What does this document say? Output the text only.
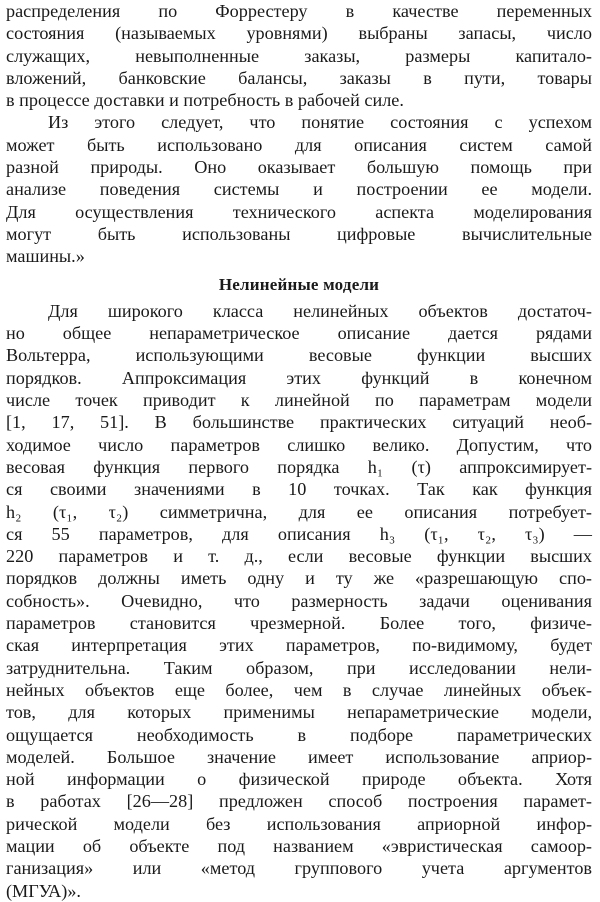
распределения по Форрестеру в качестве переменных
состояния (называемых уровнями) выбраны запасы, число
служащих, невыполненные заказы, размеры капитало-
вложений, банковские балансы, заказы в пути, товары
в процессе доставки и потребность в рабочей силе.
Из этого следует, что понятие состояния с успехом
может быть использовано для описания систем самой
разной природы. Оно оказывает большую помощь при
анализе поведения системы и построении ее модели.
Для осуществления технического аспекта моделирования
могут быть использованы цифровые вычислительные
машины.»
Нелинейные модели
Для широкого класса нелинейных объектов достаточ-
но общее непараметрическое описание дается рядами
Вольтерра, использующими весовые функции высших
порядков. Аппроксимация этих функций в конечном
числе точек приводит к линейной по параметрам модели
[1, 17, 51]. В большинстве практических ситуаций необ-
ходимое число параметров слишко велико. Допустим, что
весовая функция первого порядка h₁ (τ) аппроксимирует-
ся своими значениями в 10 точках. Так как функция
h₂ (τ₁, τ₂) симметрична, для ее описания потребует-
ся 55 параметров, для описания h₃ (τ₁, τ₂, τ₃) —
220 параметров и т. д., если весовые функции высших
порядков должны иметь одну и ту же «разрешающую спо-
собность». Очевидно, что размерность задачи оценивания
параметров становится чрезмерной. Более того, физиче-
ская интерпретация этих параметров, по-видимому, будет
затруднительна. Таким образом, при исследовании нели-
нейных объектов еще более, чем в случае линейных объек-
тов, для которых применимы непараметрические модели,
ощущается необходимость в подборе параметрических
моделей. Большое значение имеет использование априор-
ной информации о физической природе объекта. Хотя
в работах [26—28] предложен способ построения парамет-
рической модели без использования априорной инфор-
мации об объекте под названием «эвристическая самоор-
ганизация» или «метод группового учета аргументов
(МГУА)».
